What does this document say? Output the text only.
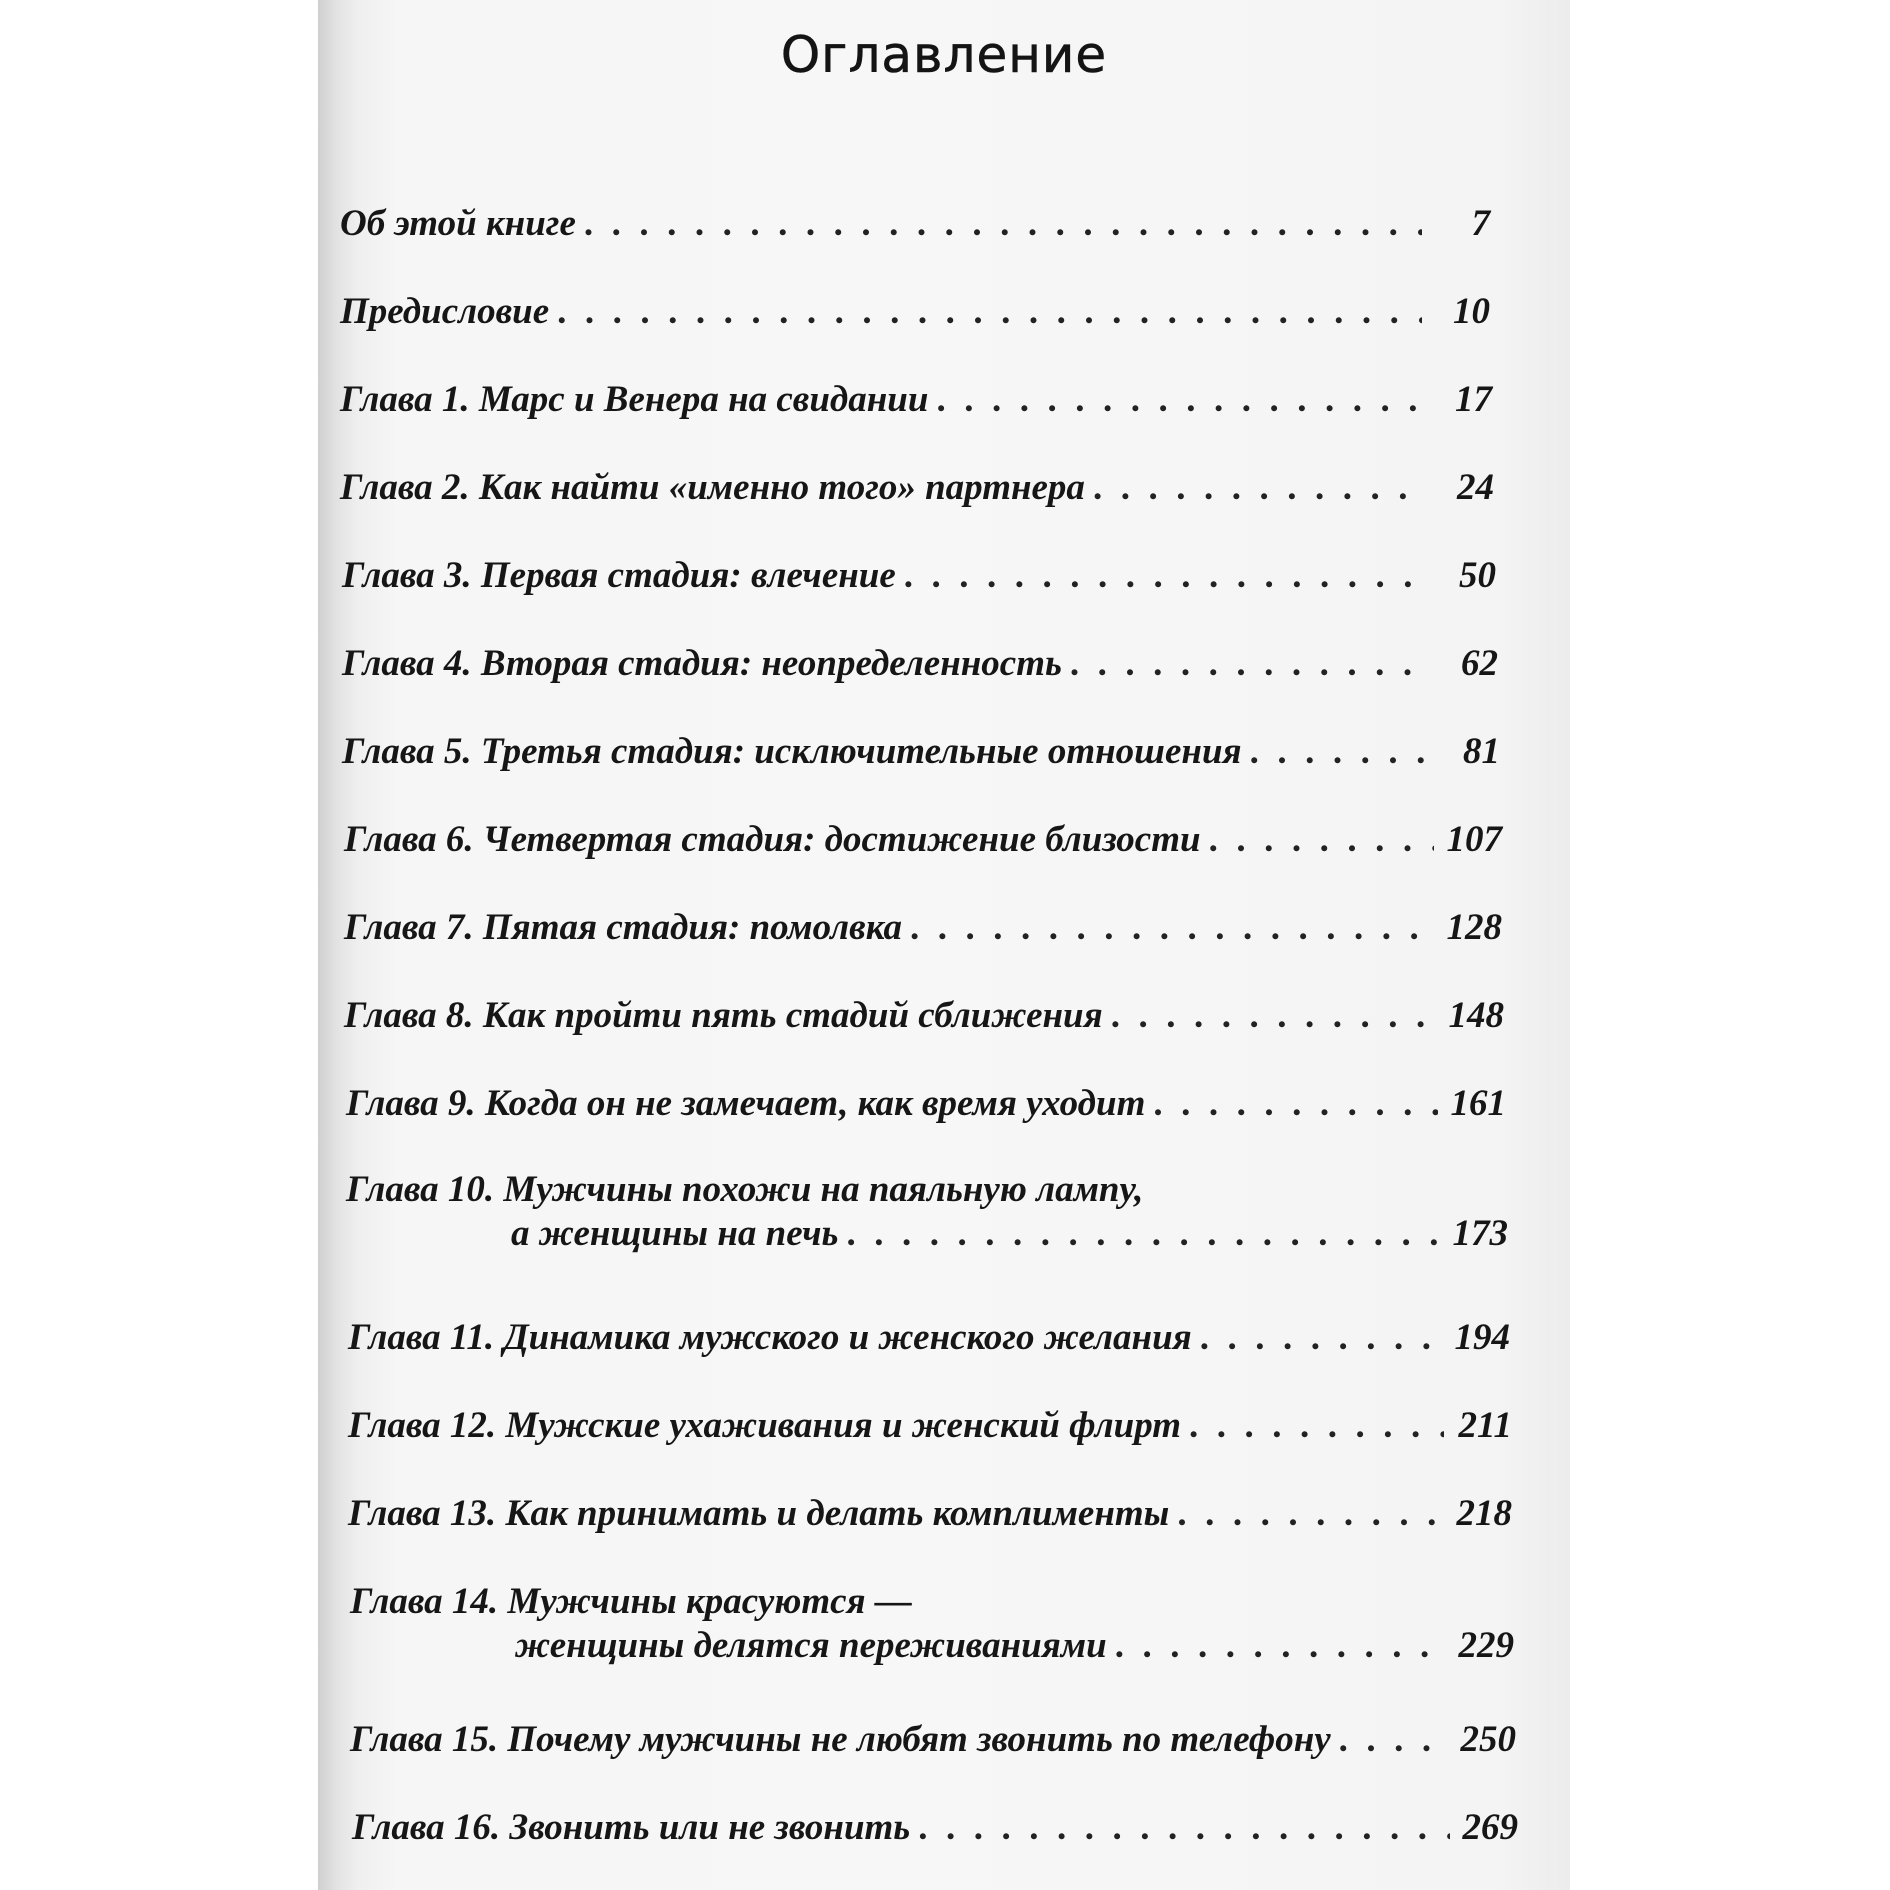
Оглавление
Об этой книге . .	7
Предисловие . .	10
Глава 1. Марс и Венера на свидании . .	17
Глава 2. Как найти «именно того» партнера . .	24
Глава 3. Первая стадия: влечение . .	50
Глава 4. Вторая стадия: неопределенность . .	62
Глава 5. Третья стадия: исключительные отношения . .	81
Глава 6. Четвертая стадия: достижение близости . .	107
Глава 7. Пятая стадия: помолвка . .	128
Глава 8. Как пройти пять стадий сближения . .	148
Глава 9. Когда он не замечает, как время уходит . .	161
Глава 10. Мужчины похожи на паяльную лампу,
а женщины на печь . .	173
Глава 11. Динамика мужского и женского желания . .	194
Глава 12. Мужские ухаживания и женский флирт . .	211
Глава 13. Как принимать и делать комплименты . .	218
Глава 14. Мужчины красуются —
женщины делятся переживаниями . .	229
Глава 15. Почему мужчины не любят звонить по телефону . .	250
Глава 16. Звонить или не звонить . .	269
